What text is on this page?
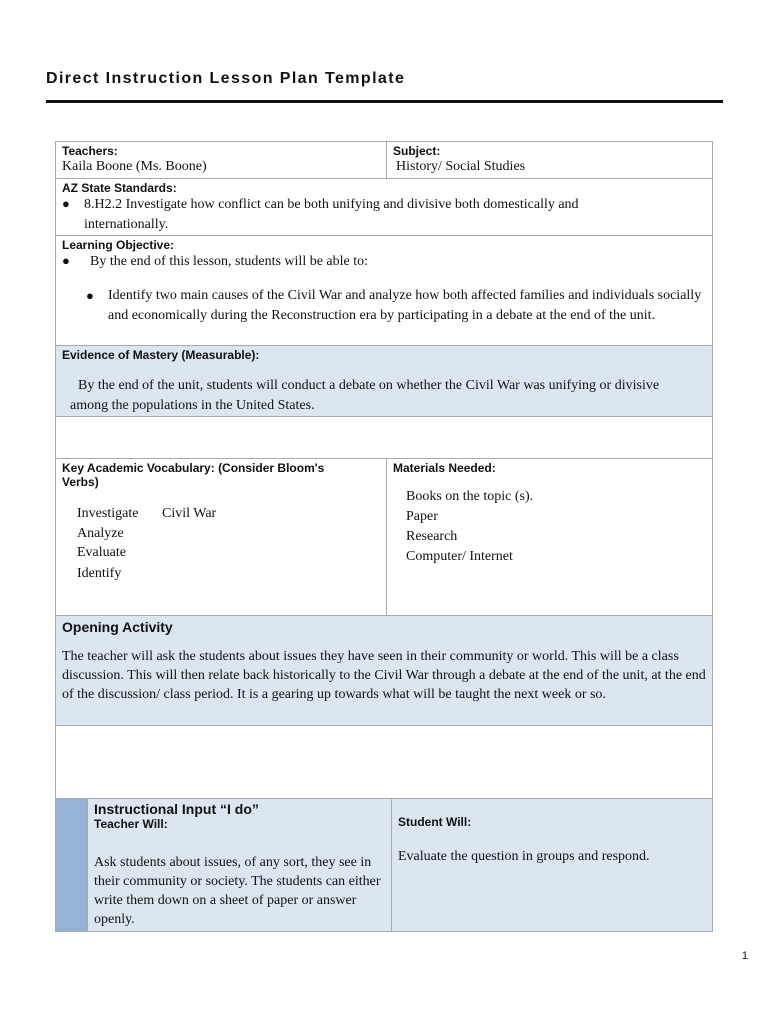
Direct Instruction Lesson Plan Template
Teachers:
Kaila Boone (Ms. Boone)
Subject:
History/ Social Studies
AZ State Standards:
●	8.H2.2 Investigate how conflict can be both unifying and divisive both domestically and internationally.
Learning Objective:
●	By the end of this lesson, students will be able to:
●	Identify two main causes of the Civil War and analyze how both affected families and individuals socially and economically during the Reconstruction era by participating in a debate at the end of the unit.
Evidence of Mastery (Measurable):
By the end of the unit, students will conduct a debate on whether the Civil War was unifying or divisive among the populations in the United States.
Key Academic Vocabulary: (Consider Bloom's Verbs)
Investigate Civil War
Analyze
Evaluate
Identify
Materials Needed:
Books on the topic (s).
Paper
Research
Computer/ Internet
Opening Activity
The teacher will ask the students about issues they have seen in their community or world. This will be a class discussion. This will then relate back historically to the Civil War through a debate at the end of the unit, at the end of the discussion/ class period. It is a gearing up towards what will be taught the next week or so.
Instructional Input “I do”
Teacher Will:
Ask students about issues, of any sort, they see in their community or society. The students can either write them down on a sheet of paper or answer openly.
Student Will:
Evaluate the question in groups and respond.
1
